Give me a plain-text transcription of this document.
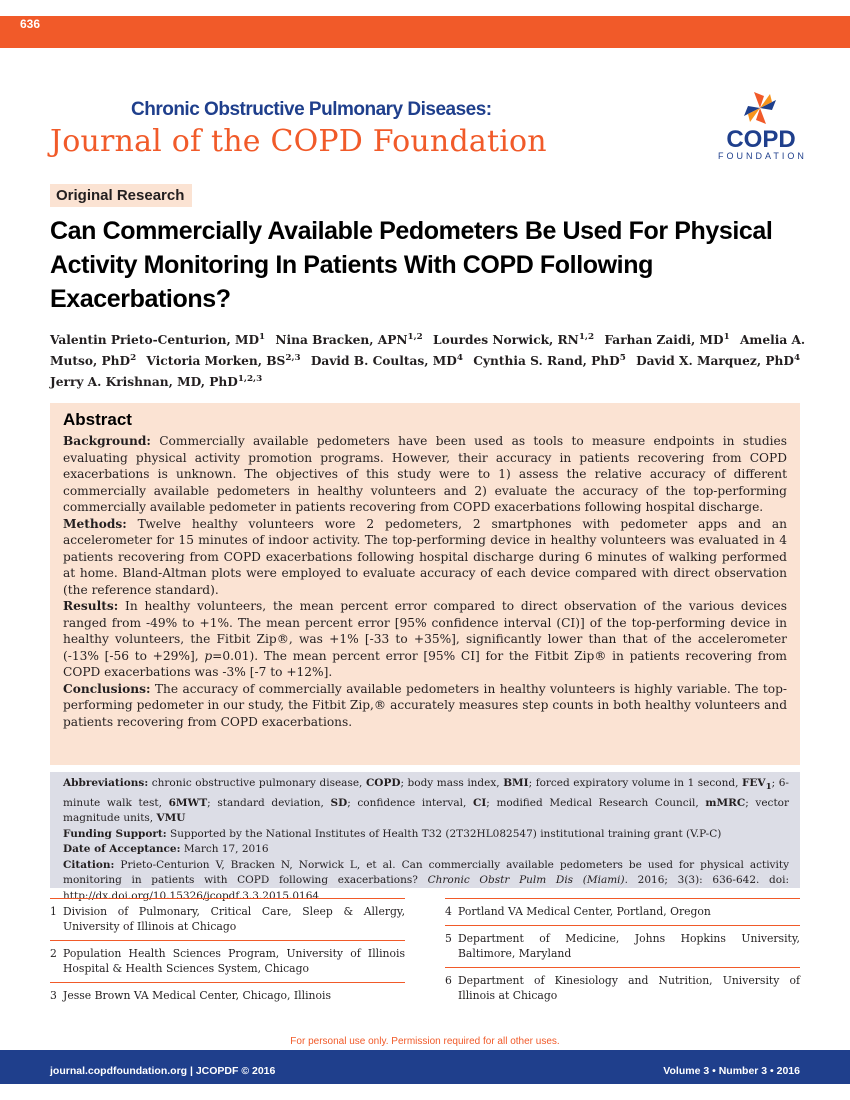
636
Chronic Obstructive Pulmonary Diseases:
Journal of the COPD Foundation	COPD
FOUNDATION
Original Research
Can Commercially Available Pedometers Be Used For Physical Activity Monitoring In Patients With COPD Following Exacerbations?
Valentin Prieto-Centurion, $MD^1$ Nina Bracken, APN$^{1,2}$ Lourdes Norwick, RN$^{1,2}$ Farhan Zaidi, $MD^1$ Amelia A. Mutso, PhD$^2$ Victoria Morken, BS$^{2,3}$ David B. Coultas, $MD^4$ Cynthia S. Rand, PhD$^5$ David X. Marquez, PhD$^4$ Jerry A. Krishnan, MD, PhD$^{1,2,3}$
Abstract

Background: Commercially available pedometers have been used as tools to measure endpoints in studies evaluating physical activity promotion programs. However, their accuracy in patients recovering from COPD exacerbations is unknown. The objectives of this study were to 1) assess the relative accuracy of different commercially available pedometers in healthy volunteers and 2) evaluate the accuracy of the top-performing commercially available pedometer in patients recovering from COPD exacerbations following hospital discharge.

Methods: Twelve healthy volunteers wore 2 pedometers, 2 smartphones with pedometer apps and an accelerometer for 15 minutes of indoor activity. The top-performing device in healthy volunteers was evaluated in 4 patients recovering from COPD exacerbations following hospital discharge during 6 minutes of walking performed at home. Bland-Altman plots were employed to evaluate accuracy of each device compared with direct observation (the reference standard).

Results: In healthy volunteers, the mean percent error compared to direct observation of the various devices ranged from -49% to +1%. The mean percent error [95% confidence interval (CI)] of the top-performing device in healthy volunteers, the Fitbit Zip®, was +1% [-33 to +35%], significantly lower than that of the accelerometer (-13% [-56 to +29%], p=0.01). The mean percent error [95% CI] for the Fitbit Zip® in patients recovering from COPD exacerbations was -3% [-7 to +12%].

Conclusions: The accuracy of commercially available pedometers in healthy volunteers is highly variable. The top-performing pedometer in our study, the Fitbit Zip,® accurately measures step counts in both healthy volunteers and patients recovering from COPD exacerbations.

Abbreviations: chronic obstructive pulmonary disease, COPD; body mass index, BMI; forced expiratory volume in 1 second, $FEV_1$; 6-minute walk test, 6MWT; standard deviation, SD; confidence interval, CI; modified Medical Research Council, mMRC; vector magnitude units, VMU

Funding Support: Supported by the National Institutes of Health T32 (2T32HL082547) institutional training grant (V.P-C)

Date of Acceptance: March 17, 2016

Citation: Prieto-Centurion V, Bracken N, Norwick L, et al. Can commercially available pedometers be used for physical activity monitoring in patients with COPD following exacerbations? Chronic Obstr Pulm Dis (Miami). 2016; 3(3): 636-642. doi: http://dx.doi.org/10.15326/jcopdf.3.3.2015.0164

1 Division of Pulmonary, Critical Care, Sleep & Allergy, University of Illinois at Chicago
2 Population Health Sciences Program, University of Illinois Hospital & Health Sciences System, Chicago
3 Jesse Brown VA Medical Center, Chicago, Illinois
4 Portland VA Medical Center, Portland, Oregon
5 Department of Medicine, Johns Hopkins University, Baltimore, Maryland
6 Department of Kinesiology and Nutrition, University of Illinois at Chicago
For personal use only. Permission required for all other uses.
journal.copdfoundation.org | JCOPDF © 2016	Volume 3 • Number 3 • 2016
